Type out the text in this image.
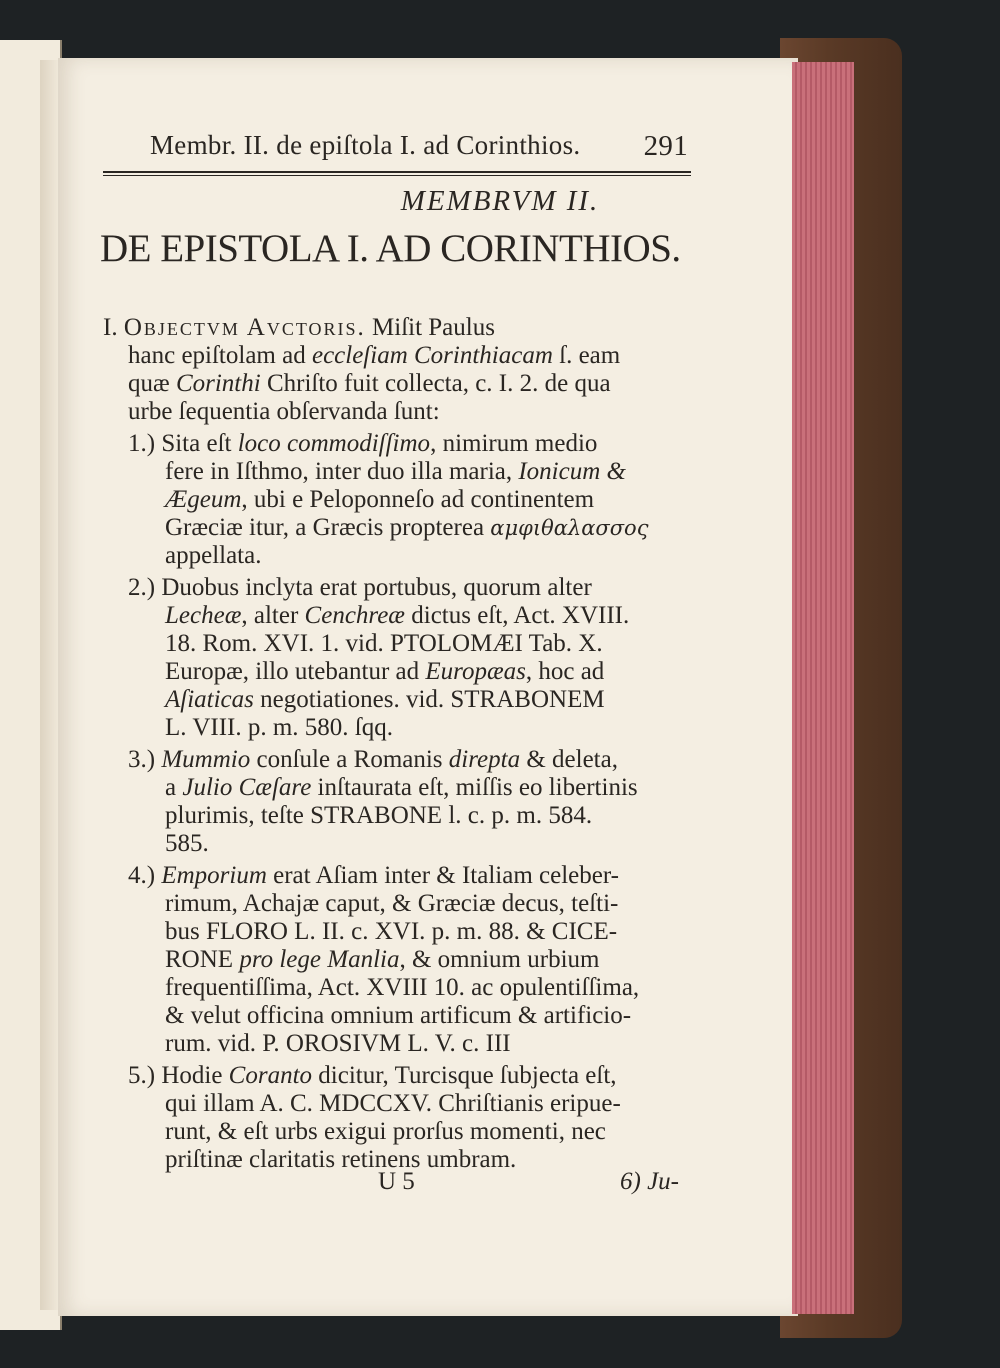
Membr. II. de epiſtola I. ad Corinthios. 291
MEMBRVM II.
DE EPISTOLA I. AD CORINTHIOS.
I. Objectvm Avctoris. Miſit Paulus
hanc epiſtolam ad eccleſiam Corinthiacam ſ. eam
quæ Corinthi Chriſto fuit collecta, c. I. 2. de qua
urbe ſequentia obſervanda ſunt:
1.) Sita eſt loco commodiſſimo, nimirum medio
fere in Iſthmo, inter duo illa maria, Ionicum &
Ægeum, ubi e Peloponneſo ad continentem
Græciæ itur, a Græcis propterea αμφιθαλασσος
appellata.
2.) Duobus inclyta erat portubus, quorum alter
Lecheæ, alter Cenchreæ dictus eſt, Act. XVIII.
18. Rom. XVI. 1. vid. PTOLOMÆI Tab. X.
Europæ, illo utebantur ad Europæas, hoc ad
Aſiaticas negotiationes. vid. STRABONEM
L. VIII. p. m. 580. ſqq.
3.) Mummio conſule a Romanis direpta & deleta,
a Julio Cæſare inſtaurata eſt, miſſis eo libertinis
plurimis, teſte STRABONE l. c. p. m. 584.
585.
4.) Emporium erat Aſiam inter & Italiam celeber-
rimum, Achajæ caput, & Græciæ decus, teſti-
bus FLORO L. II. c. XVI. p. m. 88. & CICE-
RONE pro lege Manlia, & omnium urbium
frequentiſſima, Act. XVIII 10. ac opulentiſſima,
& velut officina omnium artificum & artificio-
rum. vid. P. OROSIVM L. V. c. III
5.) Hodie Coranto dicitur, Turcisque ſubjecta eſt,
qui illam A. C. MDCCXV. Chriſtianis eripue-
runt, & eſt urbs exigui prorſus momenti, nec
priſtinæ claritatis retinens umbram.
U 5	6) Ju-
